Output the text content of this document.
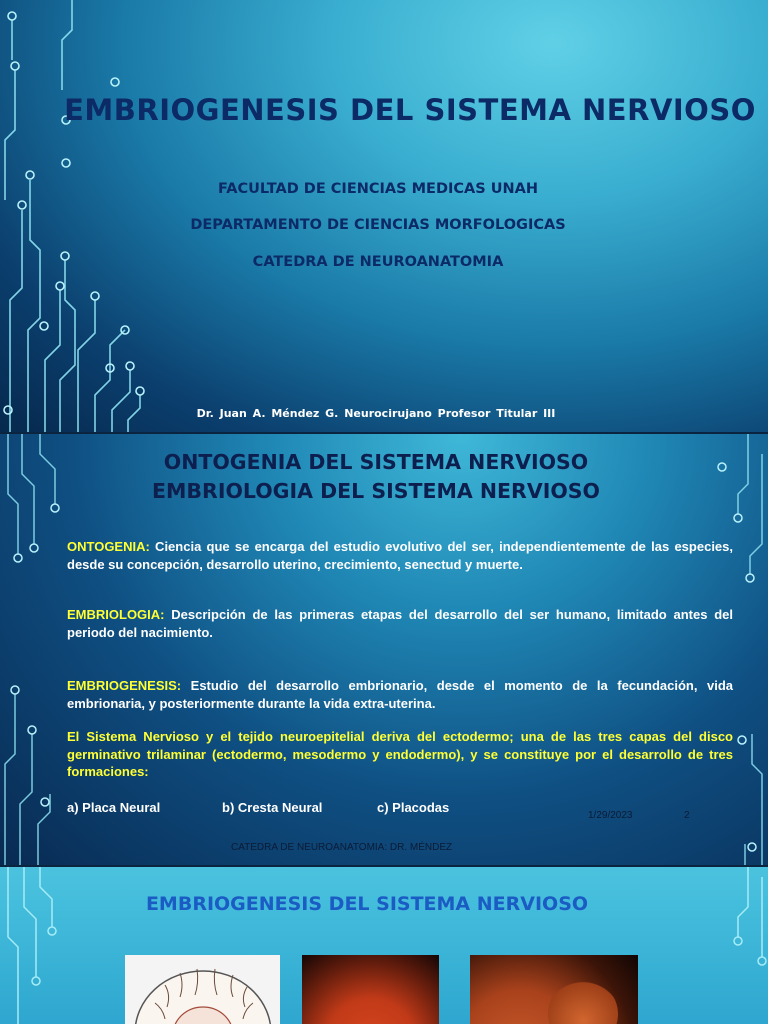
EMBRIOGENESIS DEL SISTEMA NERVIOSO
FACULTAD DE CIENCIAS MEDICAS UNAH
DEPARTAMENTO DE CIENCIAS MORFOLOGICAS
CATEDRA DE NEUROANATOMIA
Dr. Juan A. Méndez G. Neurocirujano Profesor Titular III
ONTOGENIA DEL SISTEMA NERVIOSO
EMBRIOLOGIA DEL SISTEMA NERVIOSO
ONTOGENIA: Ciencia que se encarga del estudio evolutivo del ser, independientemente de las especies, desde su concepción, desarrollo uterino, crecimiento, senectud y muerte.
EMBRIOLOGIA: Descripción de las primeras etapas del desarrollo del ser humano, limitado antes del periodo del nacimiento.
EMBRIOGENESIS: Estudio del desarrollo embrionario, desde el momento de la fecundación, vida embrionaria, y posteriormente durante la vida extra-uterina.
El Sistema Nervioso y el tejido neuroepitelial deriva del ectodermo; una de las tres capas del disco germinativo trilaminar (ectodermo, mesodermo y endodermo), y se constituye por el desarrollo de tres formaciones:
a) Placa Neural	b) Cresta Neural	c) Placodas
1/29/2023	2
CATEDRA DE NEUROANATOMIA: DR. MÉNDEZ
EMBRIOGENESIS DEL SISTEMA NERVIOSO
